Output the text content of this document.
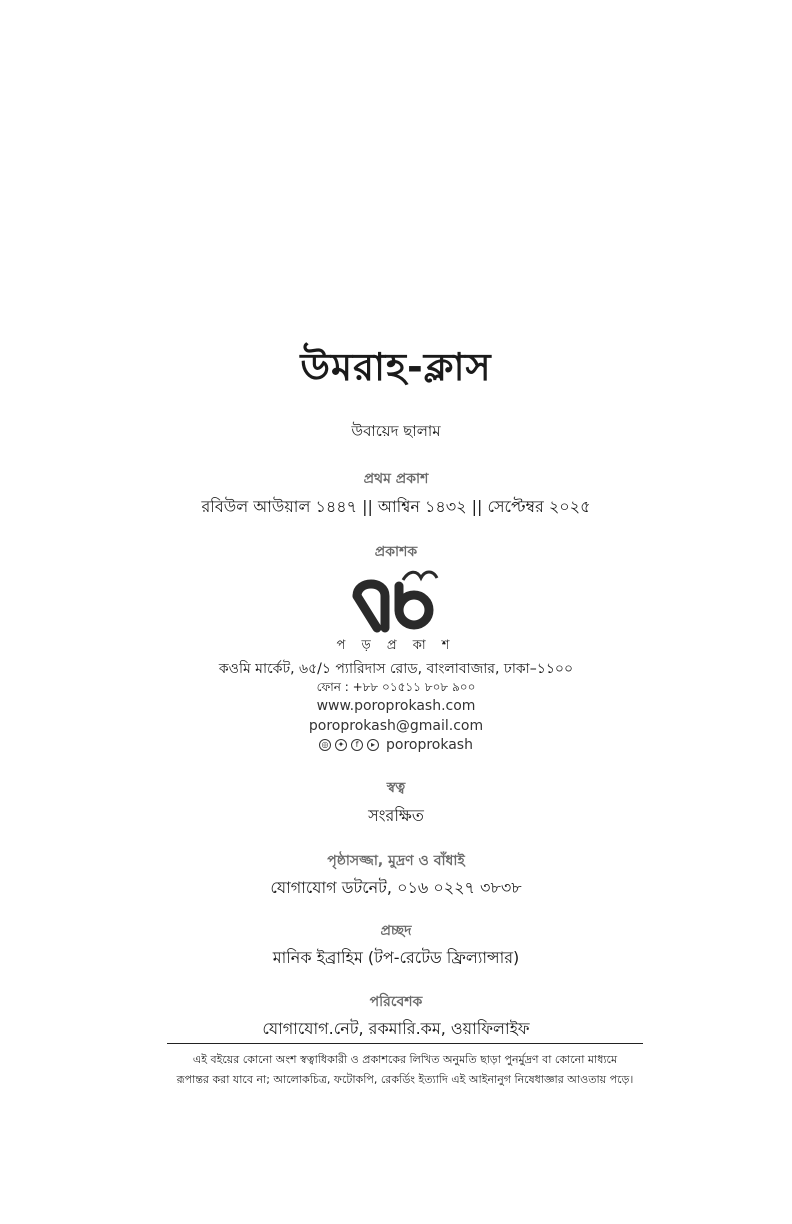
উমরাহ-ক্লাস
উবায়েদ ছালাম
প্রথম প্রকাশ
রবিউল আউয়াল ১৪৪৭ || আশ্বিন ১৪৩২ || সেপ্টেম্বর ২০২৫
প্রকাশক
প ড় প্র কা শ
কওমি মার্কেট, ৬৫/১ প্যারিদাস রোড, বাংলাবাজার, ঢাকা–১১০০
ফোন : +৮৮ ০১৫১১ ৮০৮ ৯০০
www.poroprokash.com
poroprokash@gmail.com
◎	✦	f	▸ poroprokash
স্বত্ব
সংরক্ষিত
পৃষ্ঠাসজ্জা, মুদ্রণ ও বাঁধাই
যোগাযোগ ডটনেট, ০১৬ ০২২৭ ৩৮৩৮
প্রচ্ছদ
মানিক ইব্রাহিম (টপ-রেটেড ফ্রিল্যান্সার)
পরিবেশক
যোগাযোগ.নেট, রকমারি.কম, ওয়াফিলাইফ
এই বইয়ের কোনো অংশ স্বত্বাধিকারী ও প্রকাশকের লিখিত অনুমতি ছাড়া পুনর্মুদ্রণ বা কোনো মাধ্যমে
রূপান্তর করা যাবে না; আলোকচিত্র, ফটোকপি, রেকর্ডিং ইত্যাদি এই আইনানুগ নিষেধাজ্ঞার আওতায় পড়ে।
